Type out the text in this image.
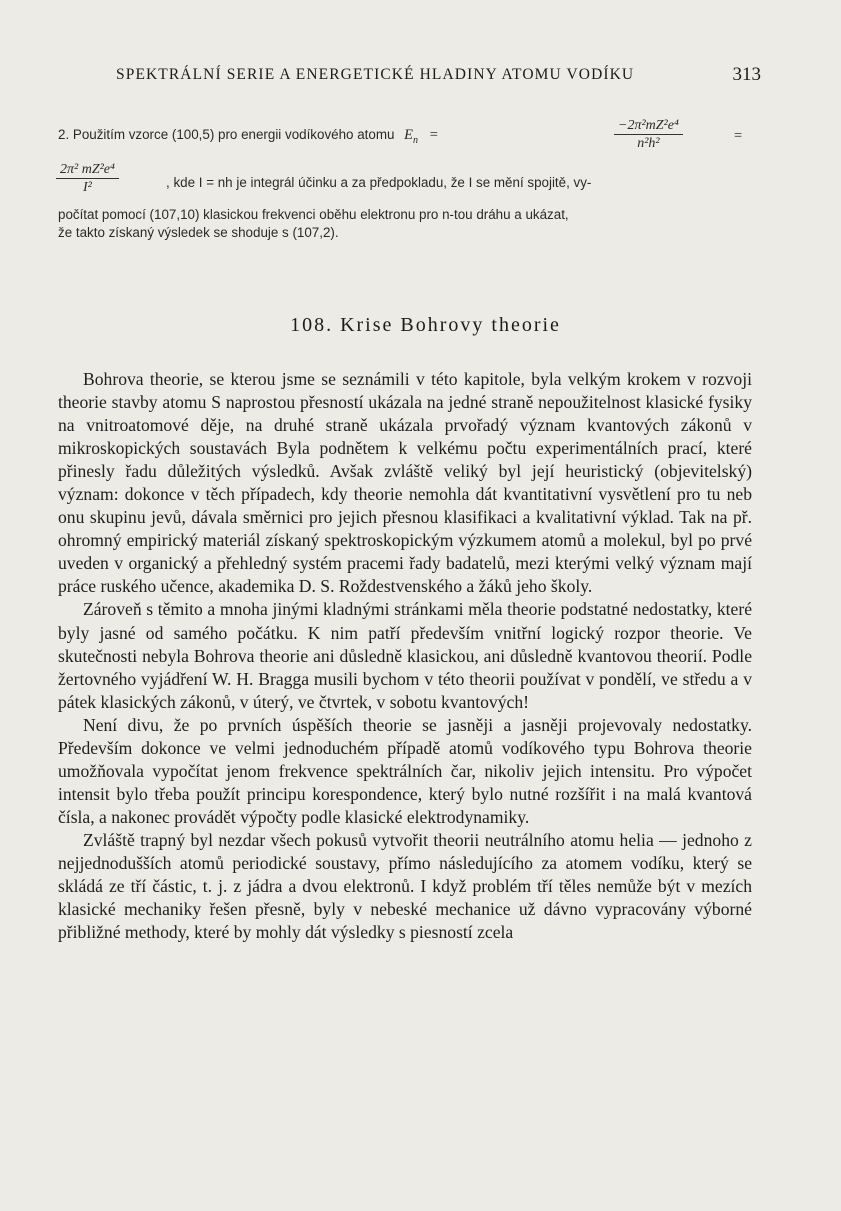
SPEKTRÁLNÍ SERIE A ENERGETICKÉ HLADINY ATOMU VODÍKU	313
2. Použitím vzorce (100,5) pro energii vodíkového atomu $E_n$ =	$\frac{\text{−2π²mZ²e⁴}}{\text{n²h²}}$	=
$\frac{\text{2π² mZ²e⁴}}{\text{I²}}$	, kde I = nh je integrál účinku a za předpokladu, že I se mění spojitě, vy-
počítat pomocí (107,10) klasickou frekvenci oběhu elektronu pro n-tou dráhu a ukázat,
že takto získaný výsledek se shoduje s (107,2).
108. Krise Bohrovy theorie

Bohrova theorie, se kterou jsme se seznámili v této kapitole, byla velkým krokem v rozvoji theorie stavby atomu S naprostou přesností ukázala na jedné straně nepoužitelnost klasické fysiky na vnitroatomové děje, na druhé straně ukázala prvořadý význam kvantových zákonů v mikroskopických soustavách Byla podnětem k velkému počtu experimentálních prací, které přinesly řadu důležitých výsledků. Avšak zvláště veliký byl její heuristický (objevitelský) význam: dokonce v těch případech, kdy theorie nemohla dát kvantitativní vysvětlení pro tu neb onu skupinu jevů, dávala směrnici pro jejich přesnou klasifikaci a kvalitativní výklad. Tak na př. ohromný empirický materiál získaný spektroskopickým výzkumem atomů a molekul, byl po prvé uveden v organický a přehledný systém pracemi řady badatelů, mezi kterými velký význam mají práce ruského učence, akademika D. S. Roždestvenského a žáků jeho školy.

Zároveň s těmito a mnoha jinými kladnými stránkami měla theorie podstatné nedostatky, které byly jasné od samého počátku. K nim patří především vnitřní logický rozpor theorie. Ve skutečnosti nebyla Bohrova theorie ani důsledně klasickou, ani důsledně kvantovou theorií. Podle žertovného vyjádření W. H. Bragga musili bychom v této theorii používat v pondělí, ve středu a v pátek klasických zákonů, v úterý, ve čtvrtek, v sobotu kvantových!

Není divu, že po prvních úspěších theorie se jasněji a jasněji projevovaly nedostatky. Především dokonce ve velmi jednoduchém případě atomů vodíkového typu Bohrova theorie umožňovala vypočítat jenom frekvence spektrálních čar, nikoliv jejich intensitu. Pro výpočet intensit bylo třeba použít principu korespondence, který bylo nutné rozšířit i na malá kvantová čísla, a nakonec provádět výpočty podle klasické elektrodynamiky.

Zvláště trapný byl nezdar všech pokusů vytvořit theorii neutrálního atomu helia — jednoho z nejjednodušších atomů periodické soustavy, přímo následujícího za atomem vodíku, který se skládá ze tří částic, t. j. z jádra a dvou elektronů. I když problém tří těles nemůže být v mezích klasické mechaniky řešen přesně, byly v nebeské mechanice už dávno vypracovány výborné přibližné methody, které by mohly dát výsledky s piesností zcela
